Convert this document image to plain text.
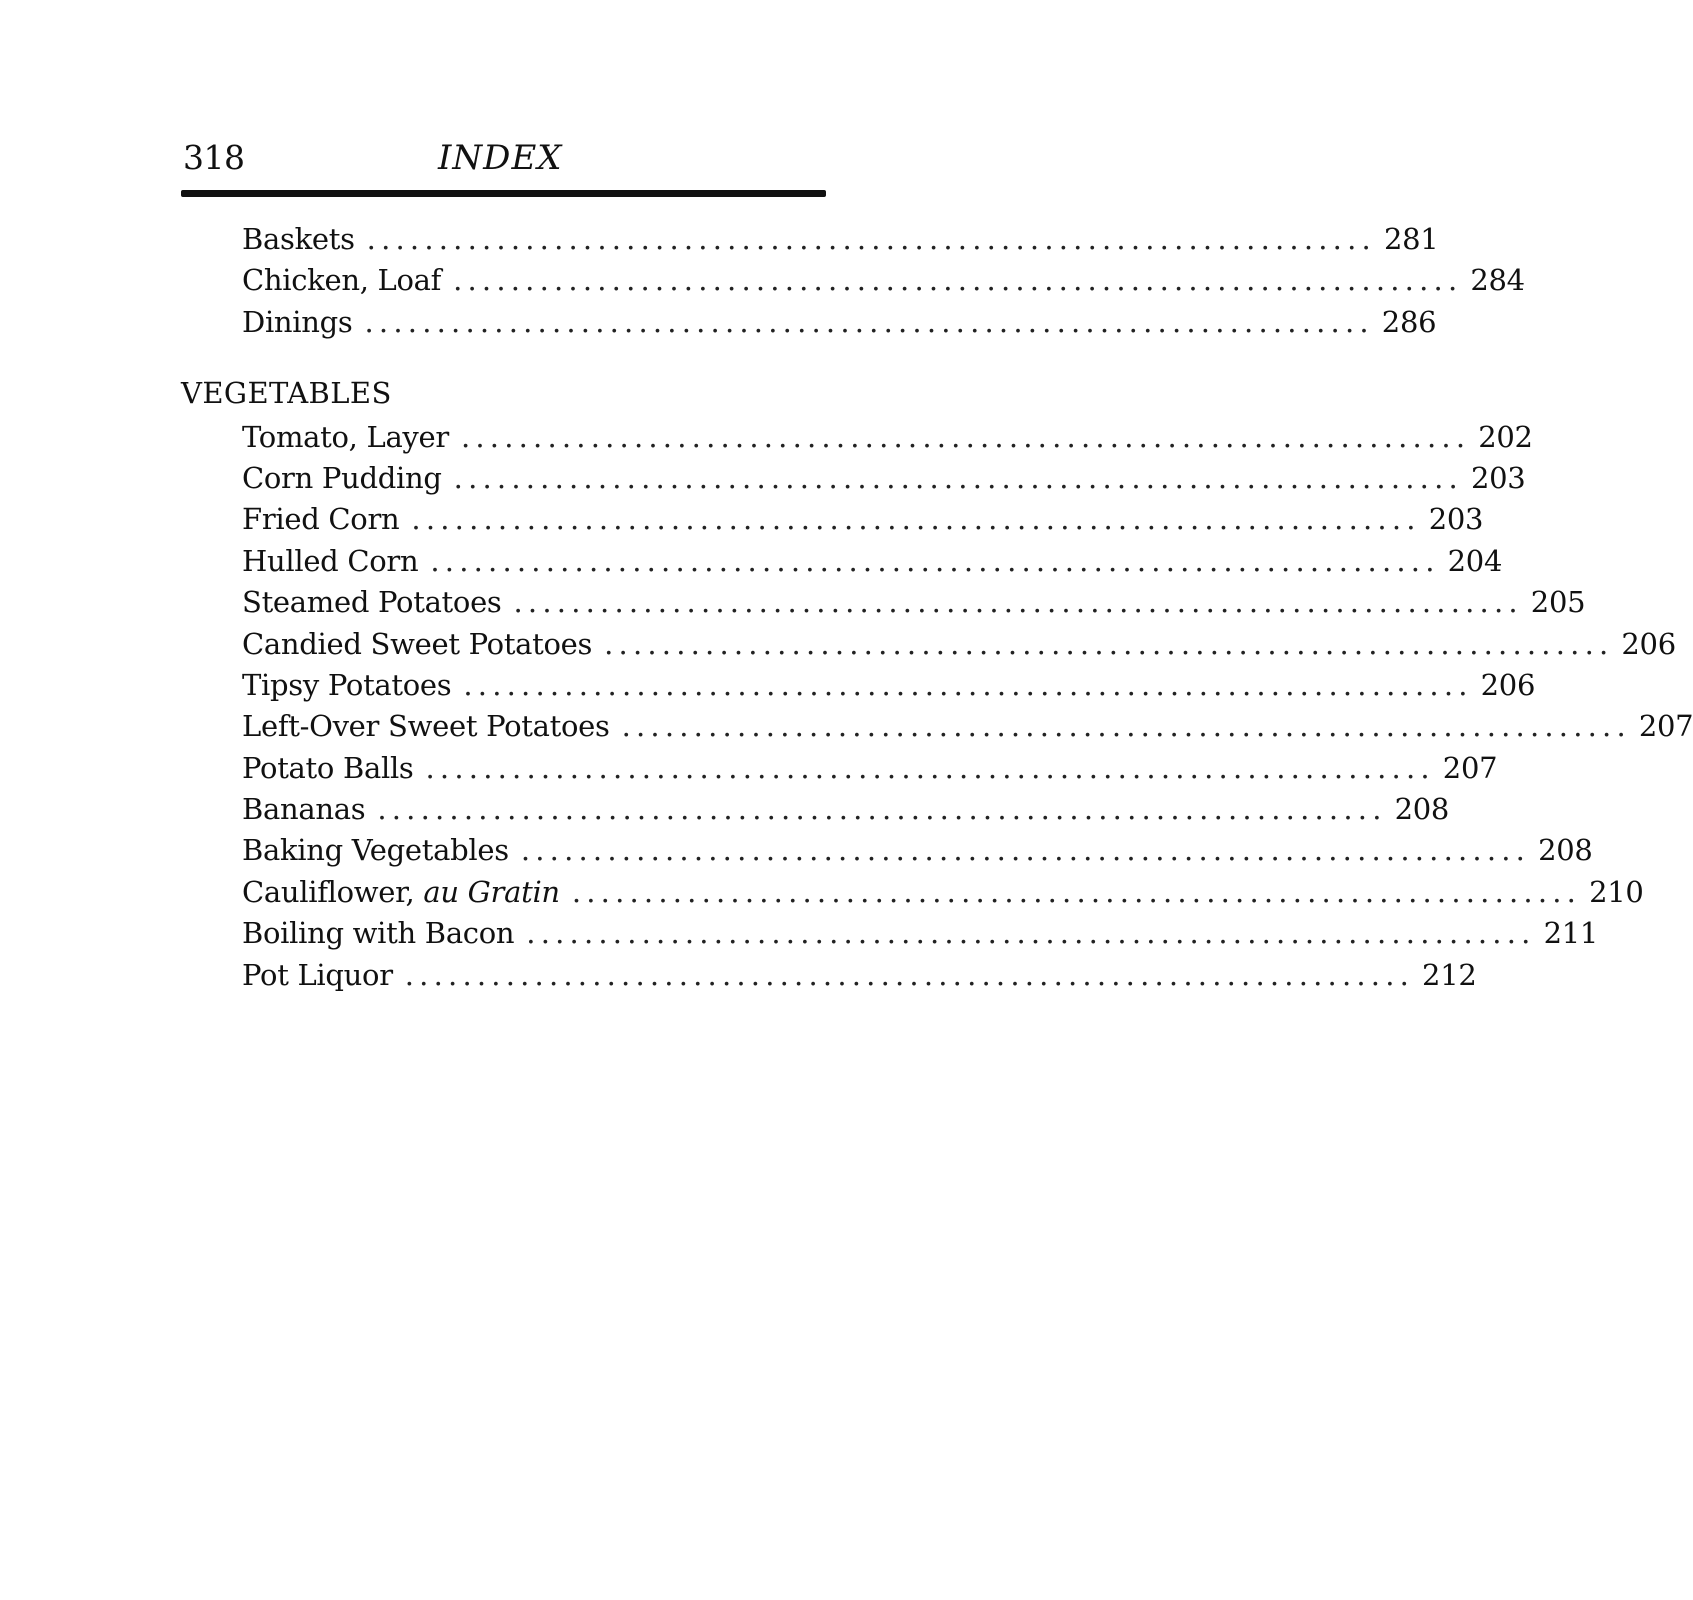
318	INDEX
Baskets ...................................................................... 281
Chicken, Loaf ...................................................................... 284
Dinings ...................................................................... 286
VEGETABLES
Tomato, Layer ...................................................................... 202
Corn Pudding ...................................................................... 203
Fried Corn ...................................................................... 203
Hulled Corn ...................................................................... 204
Steamed Potatoes ...................................................................... 205
Candied Sweet Potatoes ...................................................................... 206
Tipsy Potatoes ...................................................................... 206
Left-Over Sweet Potatoes ...................................................................... 207
Potato Balls ...................................................................... 207
Bananas ...................................................................... 208
Baking Vegetables ...................................................................... 208
Cauliflower, au Gratin ...................................................................... 210
Boiling with Bacon ...................................................................... 211
Pot Liquor ...................................................................... 212
